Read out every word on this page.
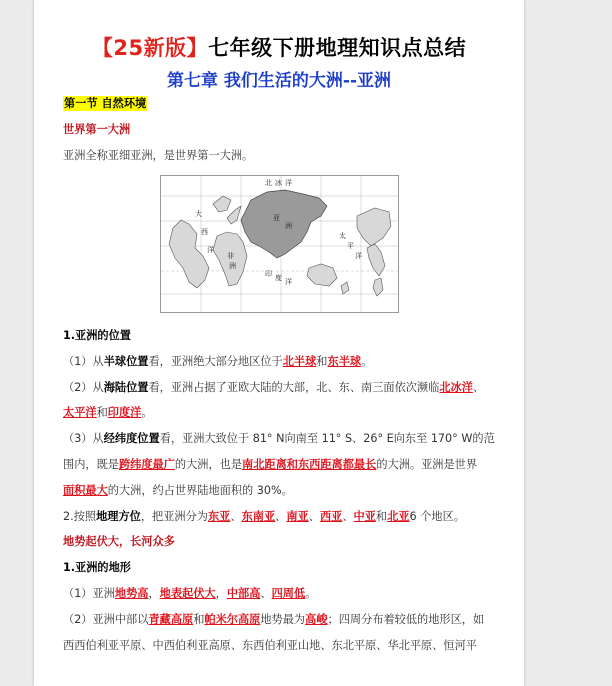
【25新版】七年级下册地理知识点总结
第七章 我们生活的大洲--亚洲
第一节 自然环境
世界第一大洲
亚洲全称亚细亚洲，是世界第一大洲。
亚
洲
太
平
洋
大
西
洋
印 度 洋
北 冰 洋
非
洲
1.亚洲的位置
（1）从半球位置看，亚洲绝大部分地区位于北半球和东半球。
（2）从海陆位置看，亚洲占据了亚欧大陆的大部，北、东、南三面依次濒临北冰洋、
太平洋和印度洋。
（3）从经纬度位置看，亚洲大致位于 81° N向南至 11° S、26° E向东至 170° W的范
围内，既是跨纬度最广的大洲，也是南北距离和东西距离都最长的大洲。亚洲是世界
面积最大的大洲，约占世界陆地面积的 30%。
2.按照地理方位，把亚洲分为东亚、东南亚、南亚、西亚、中亚和北亚6 个地区。
地势起伏大，长河众多
1.亚洲的地形
（1）亚洲地势高，地表起伏大，中部高、四周低。
（2）亚洲中部以青藏高原和帕米尔高原地势最为高峻；四周分布着较低的地形区，如
西西伯利亚平原、中西伯利亚高原、东西伯利亚山地、东北平原、华北平原、恒河平
